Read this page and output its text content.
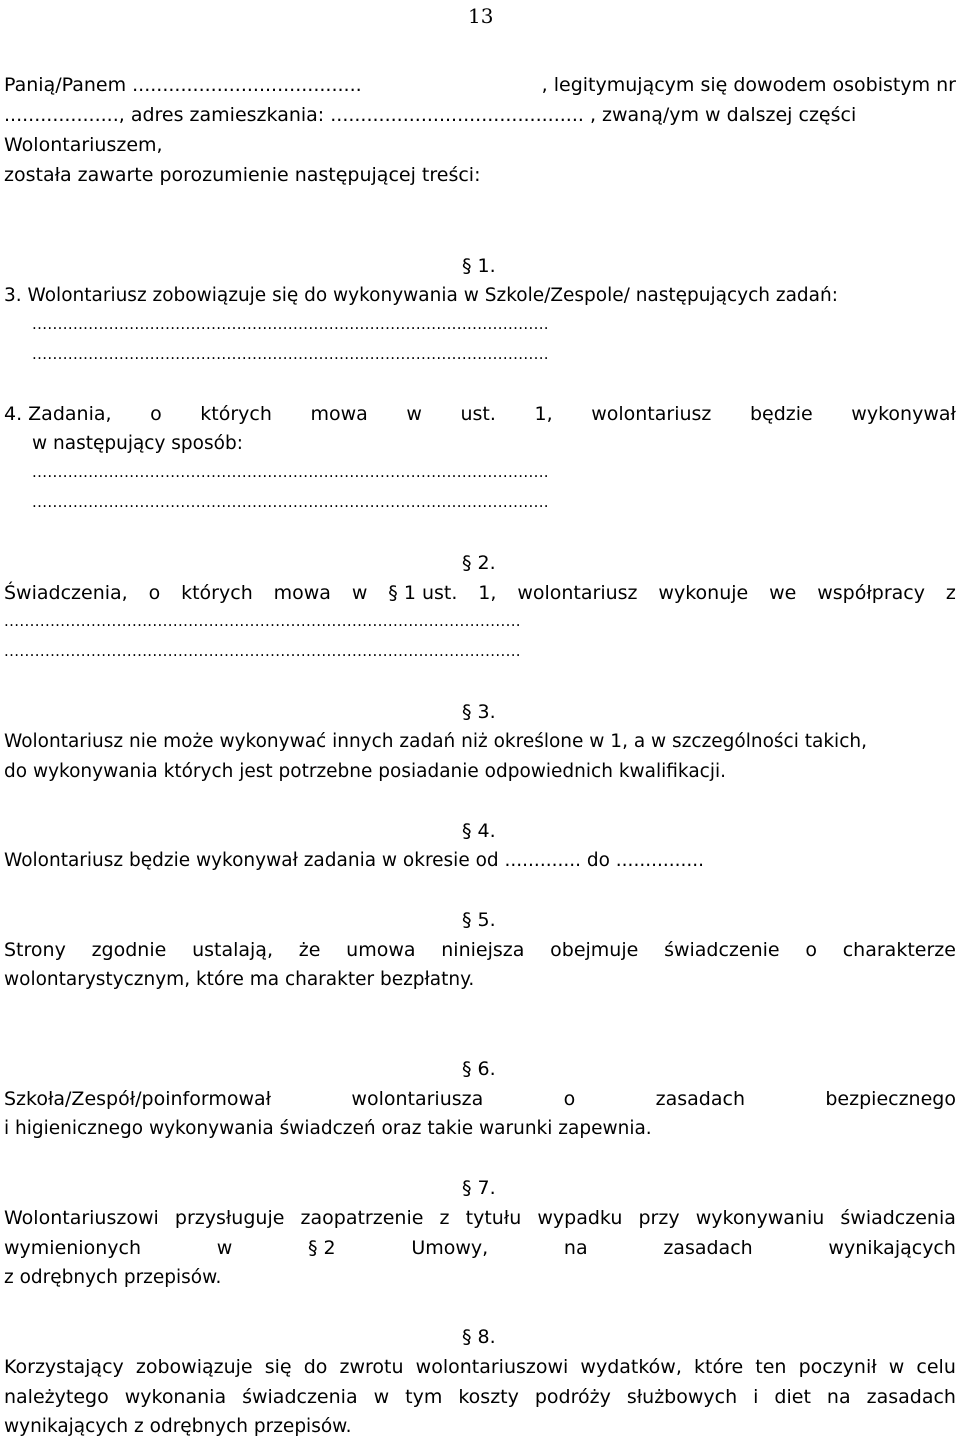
13
Panią/Panem ......................................	, legitymującym się dowodem osobistym nr
..................., adres zamieszkania: .......................................... , zwaną/ym w dalszej części
Wolontariuszem,
została zawarte porozumienie następującej treści:
§ 1.
3. Wolontariusz zobowiązuje się do wykonywania w Szkole/Zespole/ następujących zadań:
.....................................................................................................
.....................................................................................................
4. Zadania, o których mowa w ust. 1, wolontariusz będzie wykonywał
w następujący sposób:
.....................................................................................................
.....................................................................................................
§ 2.
Świadczenia, o których mowa w § 1 ust. 1, wolontariusz wykonuje we współpracy z
.....................................................................................................
.....................................................................................................
§ 3.
Wolontariusz nie może wykonywać innych zadań niż określone w 1, a w szczególności takich,
do wykonywania których jest potrzebne posiadanie odpowiednich kwalifikacji.
§ 4.
Wolontariusz będzie wykonywał zadania w okresie od ............. do ...............
§ 5.
Strony zgodnie ustalają, że umowa niniejsza obejmuje świadczenie o charakterze
wolontarystycznym, które ma charakter bezpłatny.
§ 6.
Szkoła/Zespół/poinformował	wolontariusza	o	zasadach	bezpiecznego
i higienicznego wykonywania świadczeń oraz takie warunki zapewnia.
§ 7.
Wolontariuszowi przysługuje zaopatrzenie z tytułu wypadku przy wykonywaniu świadczenia
wymienionych	w	§ 2	Umowy,	na	zasadach	wynikających
z odrębnych przepisów.
§ 8.
Korzystający zobowiązuje się do zwrotu wolontariuszowi wydatków, które ten poczynił w celu
należytego wykonania świadczenia w tym koszty podróży służbowych i diet na zasadach
wynikających z odrębnych przepisów.
